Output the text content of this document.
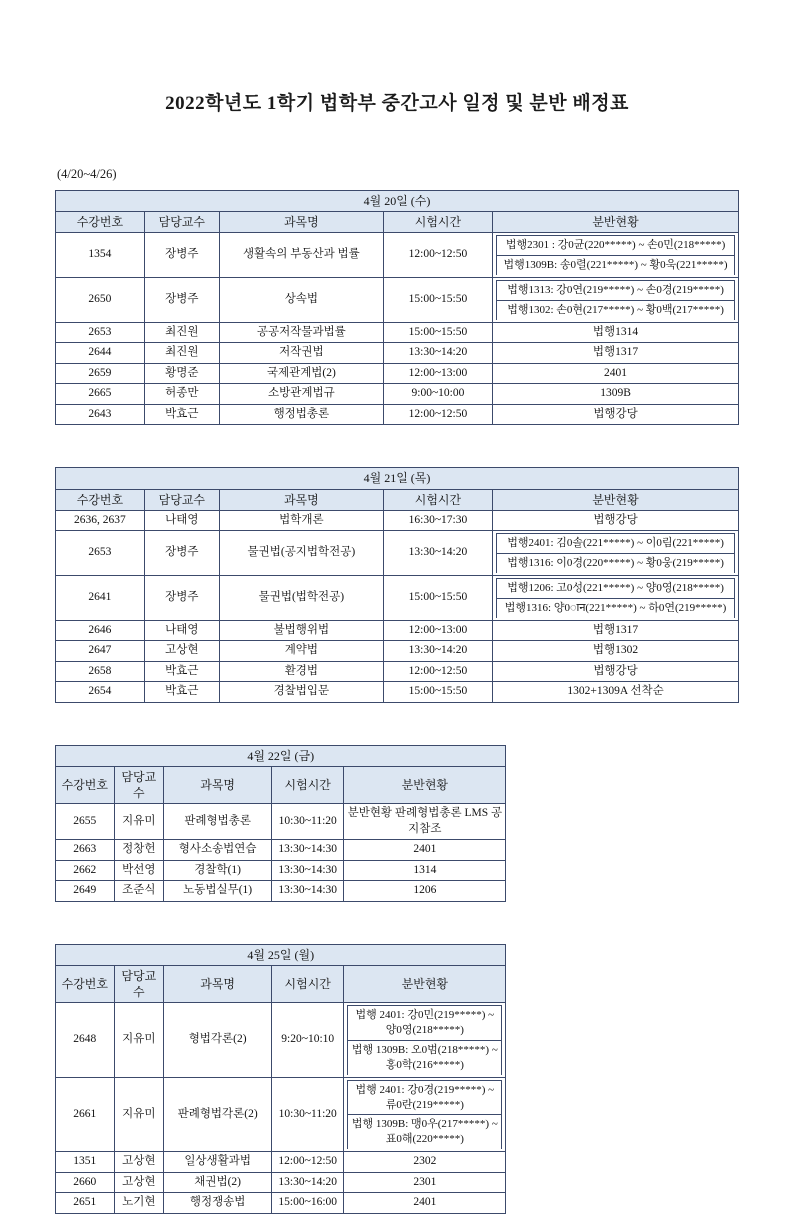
2022학년도 1학기 법학부 중간고사 일정 및 분반 배정표
(4/20~4/26)
4월 20일 (수)
수강번호	담당교수	과목명	시험시간	분반현황
1354	장병주	생활속의 부동산과 법률	12:00~12:50	
법행2301 : 강0균(220*****) ~ 손0민(218*****)
법행1309B: 송0렬(221*****) ~ 황0욱(221*****)

2650	장병주	상속법	15:00~15:50	
법행1313: 강0연(219*****) ~ 손0경(219*****)
법행1302: 손0현(217*****) ~ 황0백(217*****)

2653	최진원	공공저작물과법률	15:00~15:50	법행1314
2644	최진원	저작권법	13:30~14:20	법행1317
2659	황명준	국제관계법(2)	12:00~13:00	2401
2665	허종만	소방관계법규	9:00~10:00	1309B
2643	박효근	행정법총론	12:00~12:50	법행강당
4월 21일 (목)
수강번호	담당교수	과목명	시험시간	분반현황
2636, 2637	나태영	법학개론	16:30~17:30	법행강당
2653	장병주	물권법(공지법학전공)	13:30~14:20	
법행2401: 김0솔(221*****) ~ 이0림(221*****)
법행1316: 이0경(220*****) ~ 황0웅(219*****)

2641	장병주	물권법(법학전공)	15:00~15:50	
법행1206: 고0성(221*****) ~ 양0영(218*****)
법행1316: 양0ान(221*****) ~ 하0연(219*****)

2646	나태영	불법행위법	12:00~13:00	법행1317
2647	고상현	계약법	13:30~14:20	법행1302
2658	박효근	환경법	12:00~12:50	법행강당
2654	박효근	경찰법입문	15:00~15:50	1302+1309A 선착순
4월 22일 (금)				
수강번호	담당교수	과목명	시험시간	분반현황
2655	지유미	판례형법총론	10:30~11:20	분반현황 판례형법총론 LMS 공지참조
2663	정창헌	형사소송법연습	13:30~14:30	2401
2662	박선영	경찰학(1)	13:30~14:30	1314
2649	조준식	노동법실무(1)	13:30~14:30	1206
4월 25일 (월)
수강번호	담당교수	과목명	시험시간	분반현황
2648	지유미	형법각론(2)	9:20~10:10	
법행 2401: 강0민(219*****) ~ 양0영(218*****)
법행 1309B: 오0범(218*****) ~ 홍0학(216*****)

2661	지유미	판례형법각론(2)	10:30~11:20	
법행 2401: 강0경(219*****) ~ 류0란(219*****)
법행 1309B: 맹0우(217*****) ~ 표0해(220*****)

1351	고상현	일상생활과법	12:00~12:50	2302
2660	고상현	채권법(2)	13:30~14:20	2301
2651	노기현	행정쟁송법	15:00~16:00	2401
